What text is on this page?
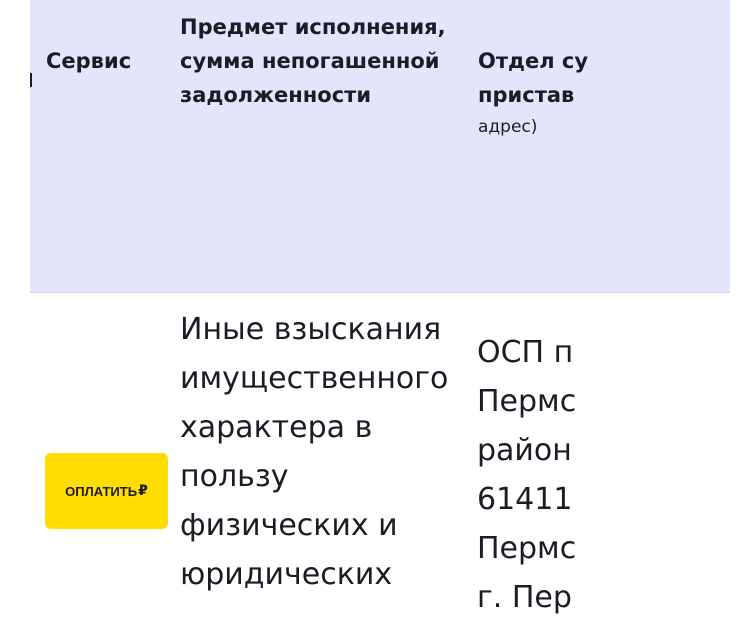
Сервис
Предмет исполнения,
сумма непогашенной
задолженности

Отдел су
пристав

адрес)

ОПЛАТИТЬ ₽
Иные взыскания
имущественного
характера в
пользу
физических и
юридических
ОСП п
Пермс
район
61411
Пермс
г. Пер
